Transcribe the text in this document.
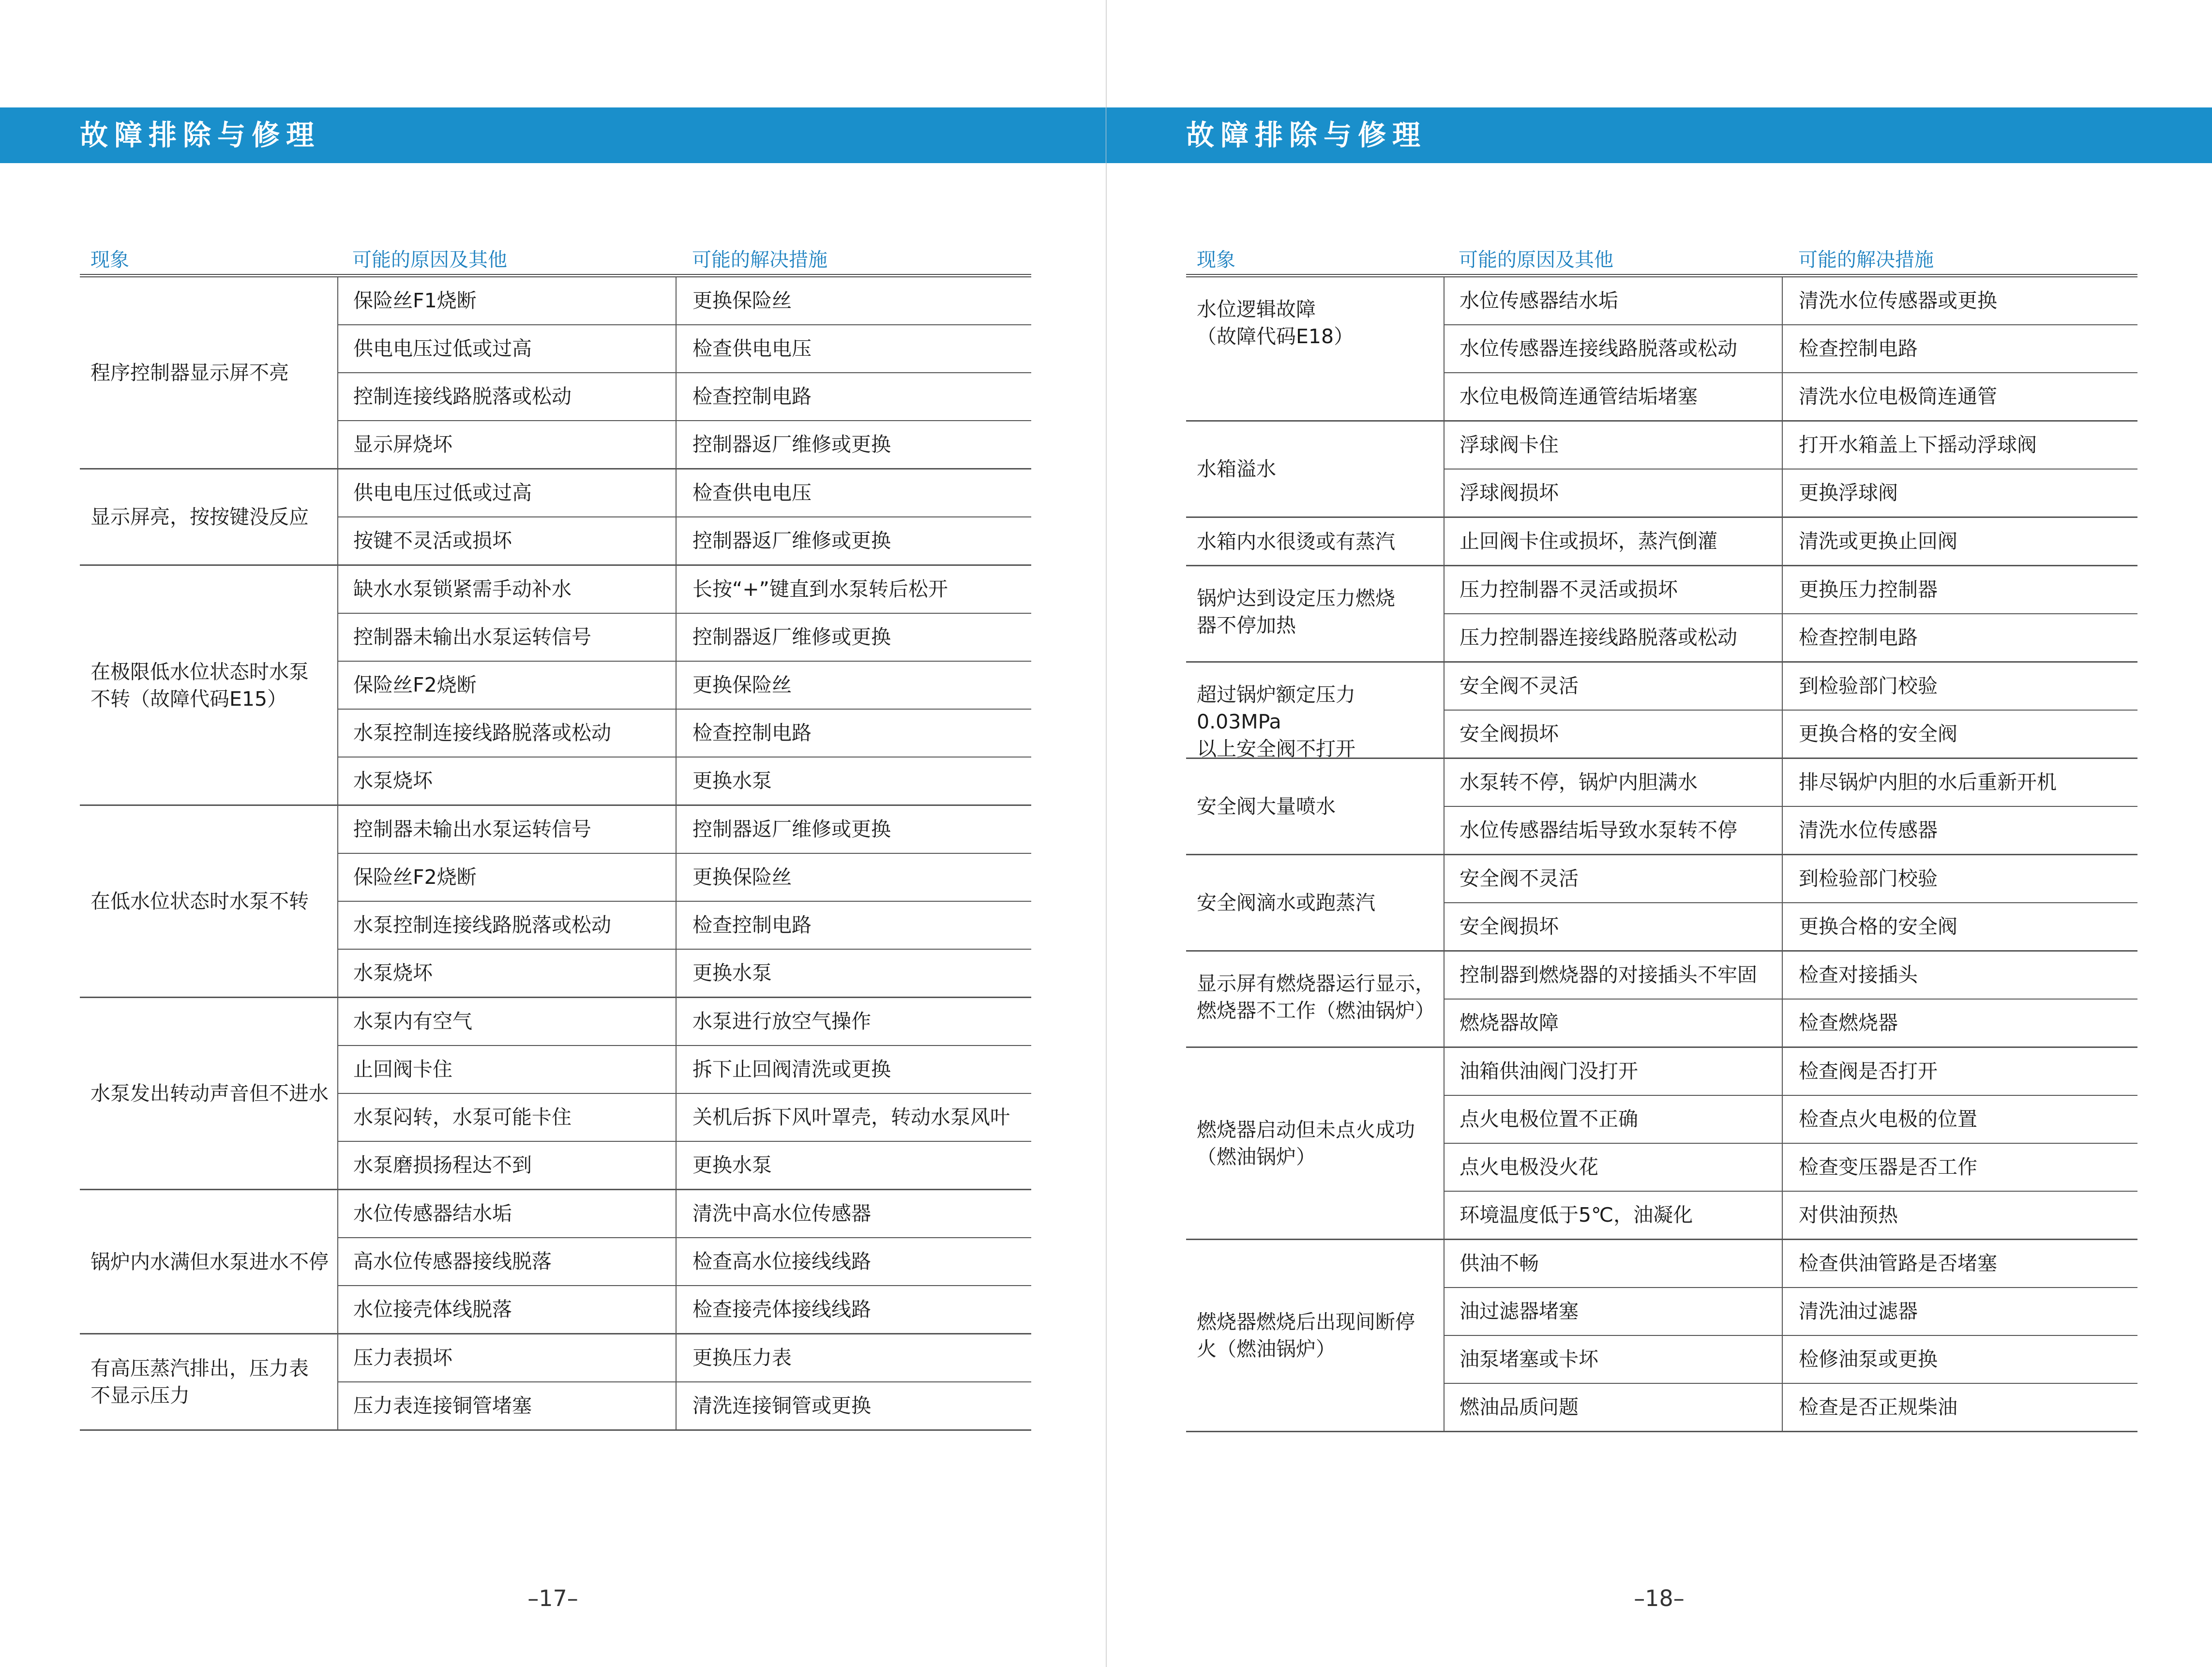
故障排除与修理
现象	可能的原因及其他	可能的解决措施
程序控制器显示屏不亮
保险丝F1烧断	更换保险丝
供电电压过低或过高	检查供电电压
控制连接线路脱落或松动	检查控制电路
显示屏烧坏	控制器返厂维修或更换
显示屏亮，按按键没反应
供电电压过低或过高	检查供电电压
按键不灵活或损坏	控制器返厂维修或更换
在极限低水位状态时水泵
不转（故障代码E15）
缺水水泵锁紧需手动补水	长按“+”键直到水泵转后松开
控制器未输出水泵运转信号	控制器返厂维修或更换
保险丝F2烧断	更换保险丝
水泵控制连接线路脱落或松动	检查控制电路
水泵烧坏	更换水泵
在低水位状态时水泵不转
控制器未输出水泵运转信号	控制器返厂维修或更换
保险丝F2烧断	更换保险丝
水泵控制连接线路脱落或松动	检查控制电路
水泵烧坏	更换水泵
水泵发出转动声音但不进水
水泵内有空气	水泵进行放空气操作
止回阀卡住	拆下止回阀清洗或更换
水泵闷转，水泵可能卡住	关机后拆下风叶罩壳，转动水泵风叶
水泵磨损扬程达不到	更换水泵
锅炉内水满但水泵进水不停
水位传感器结水垢	清洗中高水位传感器
高水位传感器接线脱落	检查高水位接线线路
水位接壳体线脱落	检查接壳体接线线路
有高压蒸汽排出，压力表
不显示压力
压力表损坏	更换压力表
压力表连接铜管堵塞	清洗连接铜管或更换
–17–
故障排除与修理
现象	可能的原因及其他	可能的解决措施
水位逻辑故障
（故障代码E18）
水位传感器结水垢	清洗水位传感器或更换
水位传感器连接线路脱落或松动	检查控制电路
水位电极筒连通管结垢堵塞	清洗水位电极筒连通管
水箱溢水
浮球阀卡住	打开水箱盖上下摇动浮球阀
浮球阀损坏	更换浮球阀
水箱内水很烫或有蒸汽	止回阀卡住或损坏，蒸汽倒灌	清洗或更换止回阀
锅炉达到设定压力燃烧
器不停加热
压力控制器不灵活或损坏	更换压力控制器
压力控制器连接线路脱落或松动	检查控制电路
超过锅炉额定压力0.03MPa
以上安全阀不打开
安全阀不灵活	到检验部门校验
安全阀损坏	更换合格的安全阀
安全阀大量喷水
水泵转不停，锅炉内胆满水	排尽锅炉内胆的水后重新开机
水位传感器结垢导致水泵转不停	清洗水位传感器
安全阀滴水或跑蒸汽
安全阀不灵活	到检验部门校验
安全阀损坏	更换合格的安全阀
显示屏有燃烧器运行显示，
燃烧器不工作（燃油锅炉）
控制器到燃烧器的对接插头不牢固	检查对接插头
燃烧器故障	检查燃烧器
燃烧器启动但未点火成功
（燃油锅炉）
油箱供油阀门没打开	检查阀是否打开
点火电极位置不正确	检查点火电极的位置
点火电极没火花	检查变压器是否工作
环境温度低于5℃，油凝化	对供油预热
燃烧器燃烧后出现间断停
火（燃油锅炉）
供油不畅	检查供油管路是否堵塞
油过滤器堵塞	清洗油过滤器
油泵堵塞或卡坏	检修油泵或更换
燃油品质问题	检查是否正规柴油
–18–
